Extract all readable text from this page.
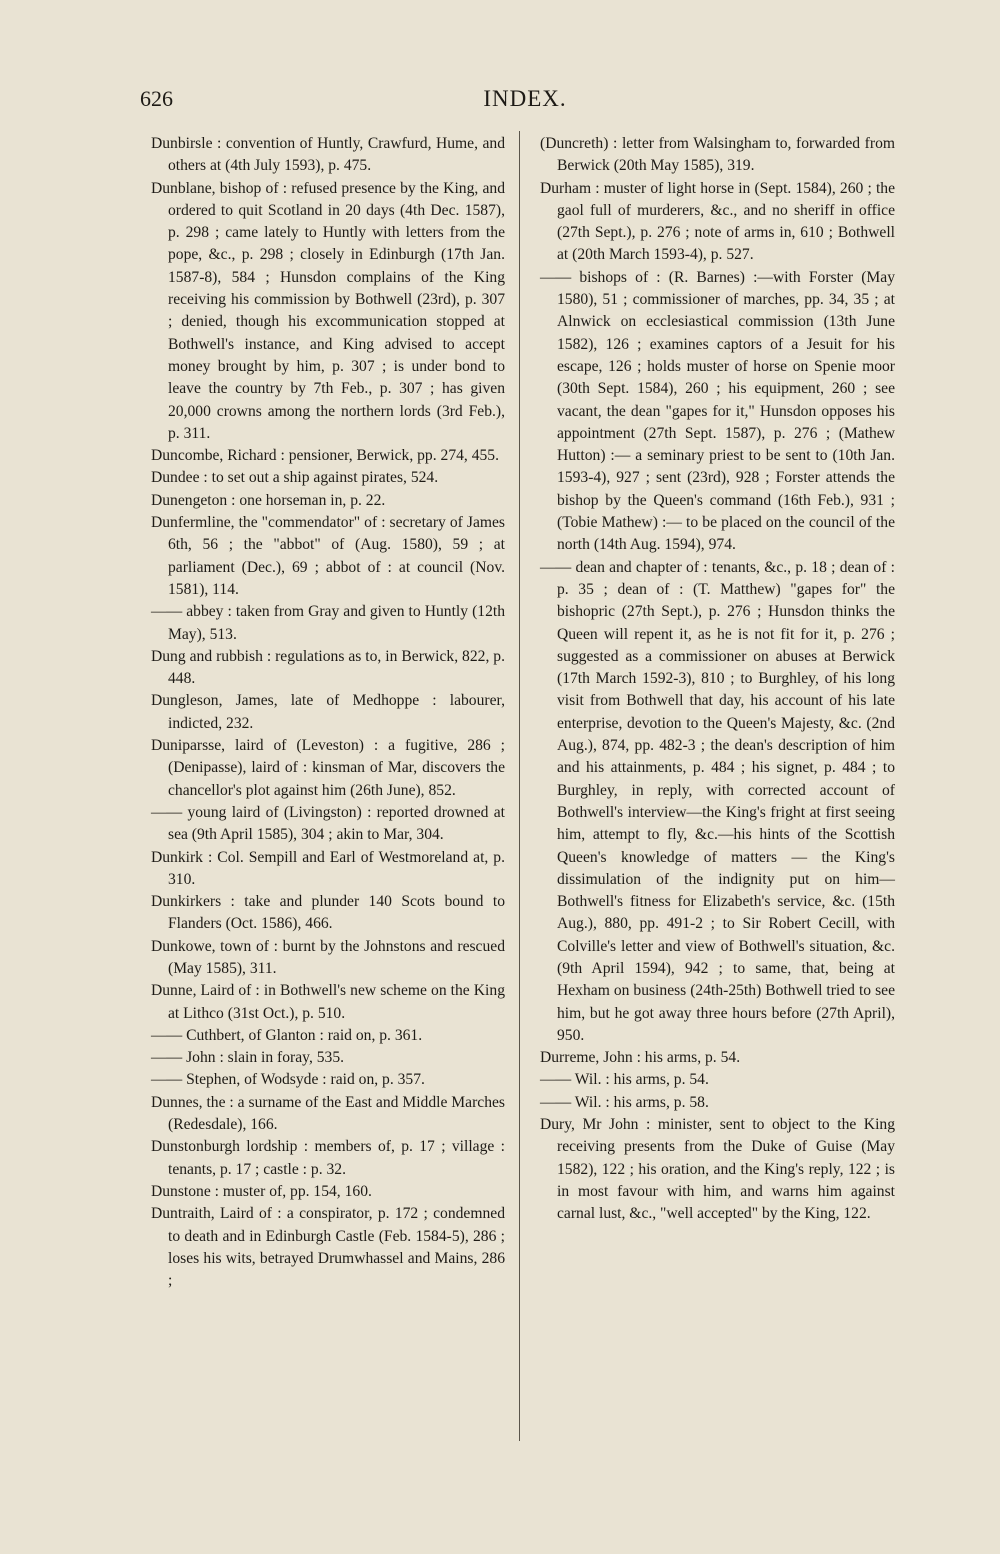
626	INDEX.

Dunbirsle : convention of Huntly, Crawfurd, Hume, and others at (4th July 1593), p. 475.

Dunblane, bishop of : refused presence by the King, and ordered to quit Scotland in 20 days (4th Dec. 1587), p. 298 ; came lately to Huntly with letters from the pope, &c., p. 298 ; closely in Edinburgh (17th Jan. 1587-8), 584 ; Hunsdon complains of the King receiving his commission by Bothwell (23rd), p. 307 ; denied, though his excommunication stopped at Bothwell's instance, and King advised to accept money brought by him, p. 307 ; is under bond to leave the country by 7th Feb., p. 307 ; has given 20,000 crowns among the northern lords (3rd Feb.), p. 311.

Duncombe, Richard : pensioner, Berwick, pp. 274, 455.

Dundee : to set out a ship against pirates, 524.

Dunengeton : one horseman in, p. 22.

Dunfermline, the "commendator" of : secretary of James 6th, 56 ; the "abbot" of (Aug. 1580), 59 ; at parliament (Dec.), 69 ; abbot of : at council (Nov. 1581), 114.

—— abbey : taken from Gray and given to Huntly (12th May), 513.

Dung and rubbish : regulations as to, in Berwick, 822, p. 448.

Dungleson, James, late of Medhoppe : labourer, indicted, 232.

Duniparsse, laird of (Leveston) : a fugitive, 286 ; (Denipasse), laird of : kinsman of Mar, discovers the chancellor's plot against him (26th June), 852.

—— young laird of (Livingston) : reported drowned at sea (9th April 1585), 304 ; akin to Mar, 304.

Dunkirk : Col. Sempill and Earl of Westmoreland at, p. 310.

Dunkirkers : take and plunder 140 Scots bound to Flanders (Oct. 1586), 466.

Dunkowe, town of : burnt by the Johnstons and rescued (May 1585), 311.

Dunne, Laird of : in Bothwell's new scheme on the King at Lithco (31st Oct.), p. 510.

—— Cuthbert, of Glanton : raid on, p. 361.

—— John : slain in foray, 535.

—— Stephen, of Wodsyde : raid on, p. 357.

Dunnes, the : a surname of the East and Middle Marches (Redesdale), 166.

Dunstonburgh lordship : members of, p. 17 ; village : tenants, p. 17 ; castle : p. 32.

Dunstone : muster of, pp. 154, 160.

Duntraith, Laird of : a conspirator, p. 172 ; condemned to death and in Edinburgh Castle (Feb. 1584-5), 286 ; loses his wits, betrayed Drumwhassel and Mains, 286 ;

(Duncreth) : letter from Walsingham to, forwarded from Berwick (20th May 1585), 319.

Durham : muster of light horse in (Sept. 1584), 260 ; the gaol full of murderers, &c., and no sheriff in office (27th Sept.), p. 276 ; note of arms in, 610 ; Bothwell at (20th March 1593-4), p. 527.

—— bishops of : (R. Barnes) :—with Forster (May 1580), 51 ; commissioner of marches, pp. 34, 35 ; at Alnwick on ecclesiastical commission (13th June 1582), 126 ; examines captors of a Jesuit for his escape, 126 ; holds muster of horse on Spenie moor (30th Sept. 1584), 260 ; his equipment, 260 ; see vacant, the dean "gapes for it," Hunsdon opposes his appointment (27th Sept. 1587), p. 276 ; (Mathew Hutton) :— a seminary priest to be sent to (10th Jan. 1593-4), 927 ; sent (23rd), 928 ; Forster attends the bishop by the Queen's command (16th Feb.), 931 ; (Tobie Mathew) :— to be placed on the council of the north (14th Aug. 1594), 974.

—— dean and chapter of : tenants, &c., p. 18 ; dean of : p. 35 ; dean of : (T. Matthew) "gapes for" the bishopric (27th Sept.), p. 276 ; Hunsdon thinks the Queen will repent it, as he is not fit for it, p. 276 ; suggested as a commissioner on abuses at Berwick (17th March 1592-3), 810 ; to Burghley, of his long visit from Bothwell that day, his account of his late enterprise, devotion to the Queen's Majesty, &c. (2nd Aug.), 874, pp. 482-3 ; the dean's description of him and his attainments, p. 484 ; his signet, p. 484 ; to Burghley, in reply, with corrected account of Bothwell's interview—the King's fright at first seeing him, attempt to fly, &c.—his hints of the Scottish Queen's knowledge of matters — the King's dissimulation of the indignity put on him— Bothwell's fitness for Elizabeth's service, &c. (15th Aug.), 880, pp. 491-2 ; to Sir Robert Cecill, with Colville's letter and view of Bothwell's situation, &c. (9th April 1594), 942 ; to same, that, being at Hexham on business (24th-25th) Bothwell tried to see him, but he got away three hours before (27th April), 950.

Durreme, John : his arms, p. 54.

—— Wil. : his arms, p. 54.

—— Wil. : his arms, p. 58.

Dury, Mr John : minister, sent to object to the King receiving presents from the Duke of Guise (May 1582), 122 ; his oration, and the King's reply, 122 ; is in most favour with him, and warns him against carnal lust, &c., "well accepted" by the King, 122.
